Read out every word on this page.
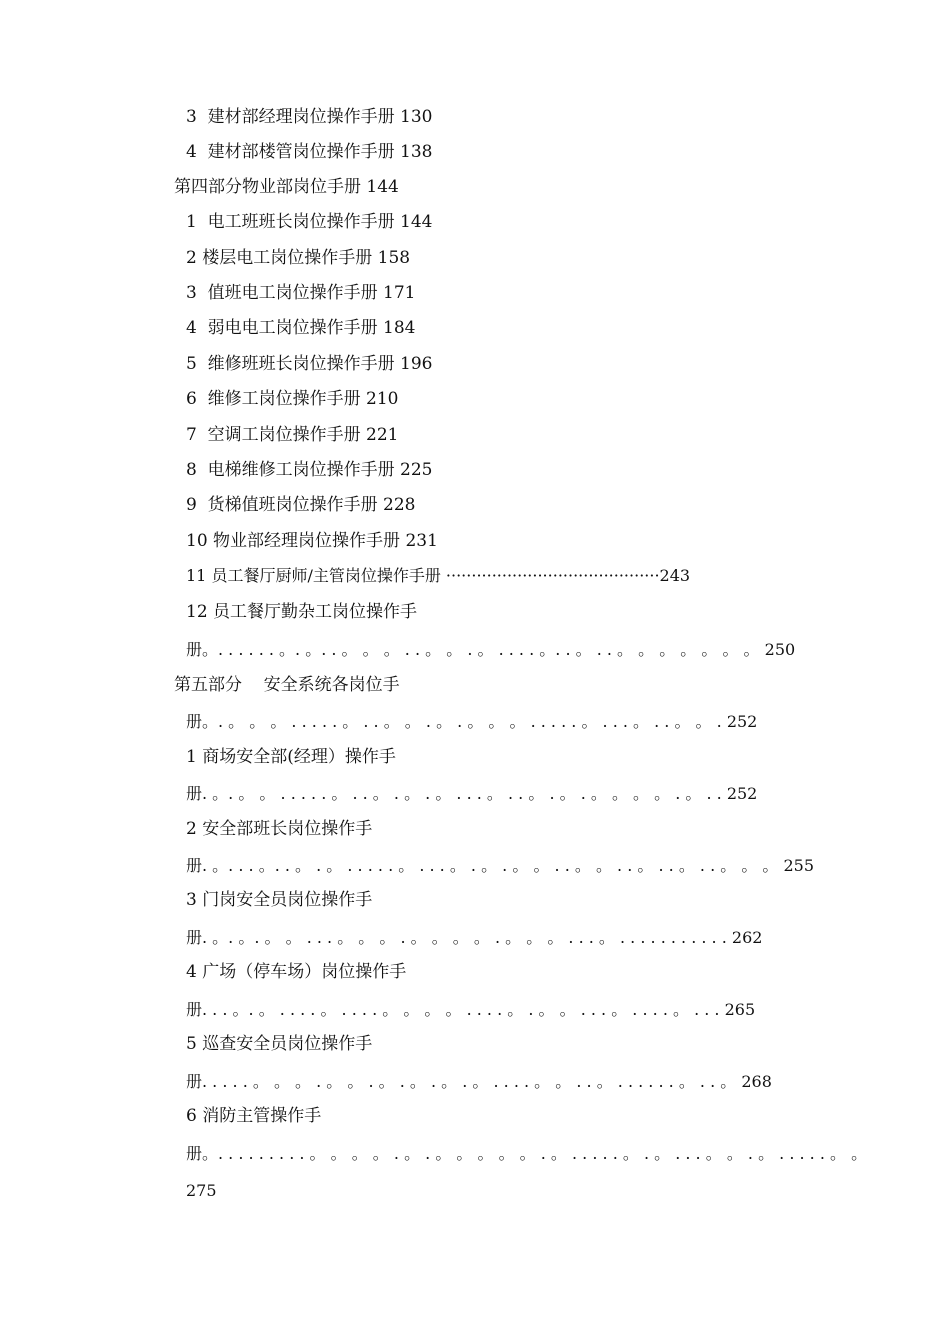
3  建材部经理岗位操作手册 130
4  建材部楼管岗位操作手册 138
第四部分物业部岗位手册 144
1  电工班班长岗位操作手册 144
2 楼层电工岗位操作手册 158
3  值班电工岗位操作手册 171
4  弱电电工岗位操作手册 184
5  维修班班长岗位操作手册 196
6  维修工岗位操作手册 210
7  空调工岗位操作手册 221
8  电梯维修工岗位操作手册 225
9  货梯值班岗位操作手册 228
10 物业部经理岗位操作手册 231
11 员工餐厅厨师/主管岗位操作手册 ··········································243
12 员工餐厅勤杂工岗位操作手
册。. . . . . . 。. 。. . 。 。 。 . . 。 。 . 。 . . . . 。. . 。 . . 。 。 。 。 。 。 。 250
第五部分    安全系统各岗位手
册。. 。 。 。 . . . . . 。 . . 。 。 . 。 . 。 。 。 . . . . . 。 . . . 。 . . 。 。 . 252
1 商场安全部(经理）操作手
册. 。. 。 。 . . . . . 。 . . 。 . 。 . 。 . . . 。 . . 。 . 。 . 。 。 。 。 . 。 . . 252
2 安全部班长岗位操作手
册. 。. . . 。. . 。 . 。 . . . . . 。 . . . 。 . 。 . 。 。 . . 。 。 . . 。 . . 。 . . 。 。 。 255
3 门岗安全员岗位操作手
册. 。. 。. 。 。 . . . 。 。 。 . 。 。 。 。 . 。 。 。 . . . 。 . . . . . . . . . . . 262
4 广场（停车场）岗位操作手
册. . . 。. 。 . . . . 。 . . . . 。 。 。 。 . . . . 。 . 。 。 . . . 。 . . . . 。 . . . 265
5 巡查安全员岗位操作手
册. . . . . 。 。 。 . 。 。 . 。 . 。 . 。 . 。 . . . . 。 。 . . 。 . . . . . . 。 . . 。 268
6 消防主管操作手
册。. . . . . . . . . 。 。 。 。 . 。 . 。 。 。 。 。 . 。 . . . . . 。 . 。 . . . 。 。 . 。 . . . . . 。 。
275
